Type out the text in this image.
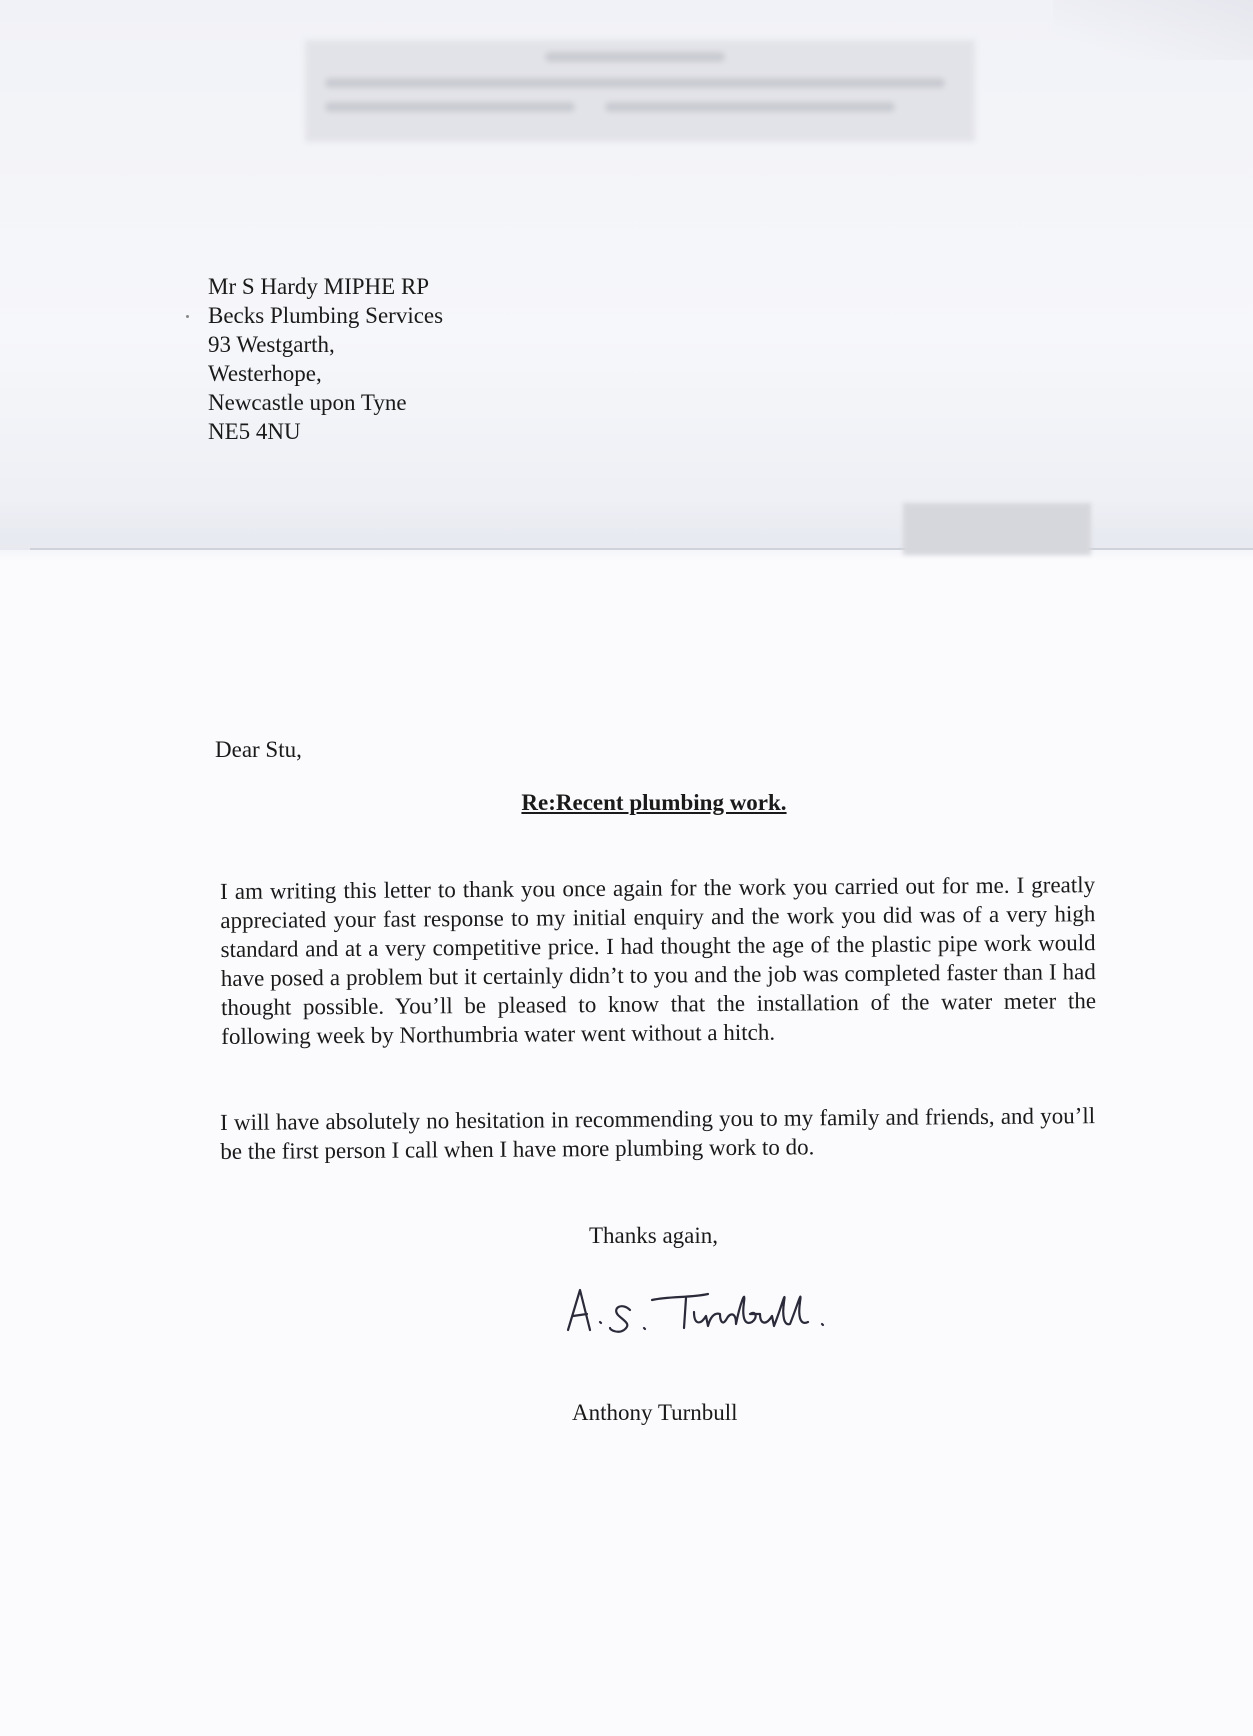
Mr S Hardy MIPHE RP
Becks Plumbing Services
93 Westgarth,
Westerhope,
Newcastle upon Tyne
NE5 4NU

Dear Stu,

Re:Recent plumbing work.

I am writing this letter to thank you once again for the work you carried out for me. I greatly appreciated your fast response to my initial enquiry and the work you did was of a very high standard and at a very competitive price. I had thought the age of the plastic pipe work would have posed a problem but it certainly didn’t to you and the job was completed faster than I had thought possible. You’ll be pleased to know that the installation of the water meter the following week by Northumbria water went without a hitch.

I will have absolutely no hesitation in recommending you to my family and friends, and you’ll be the first person I call when I have more plumbing work to do.

Thanks again,

Anthony Turnbull
